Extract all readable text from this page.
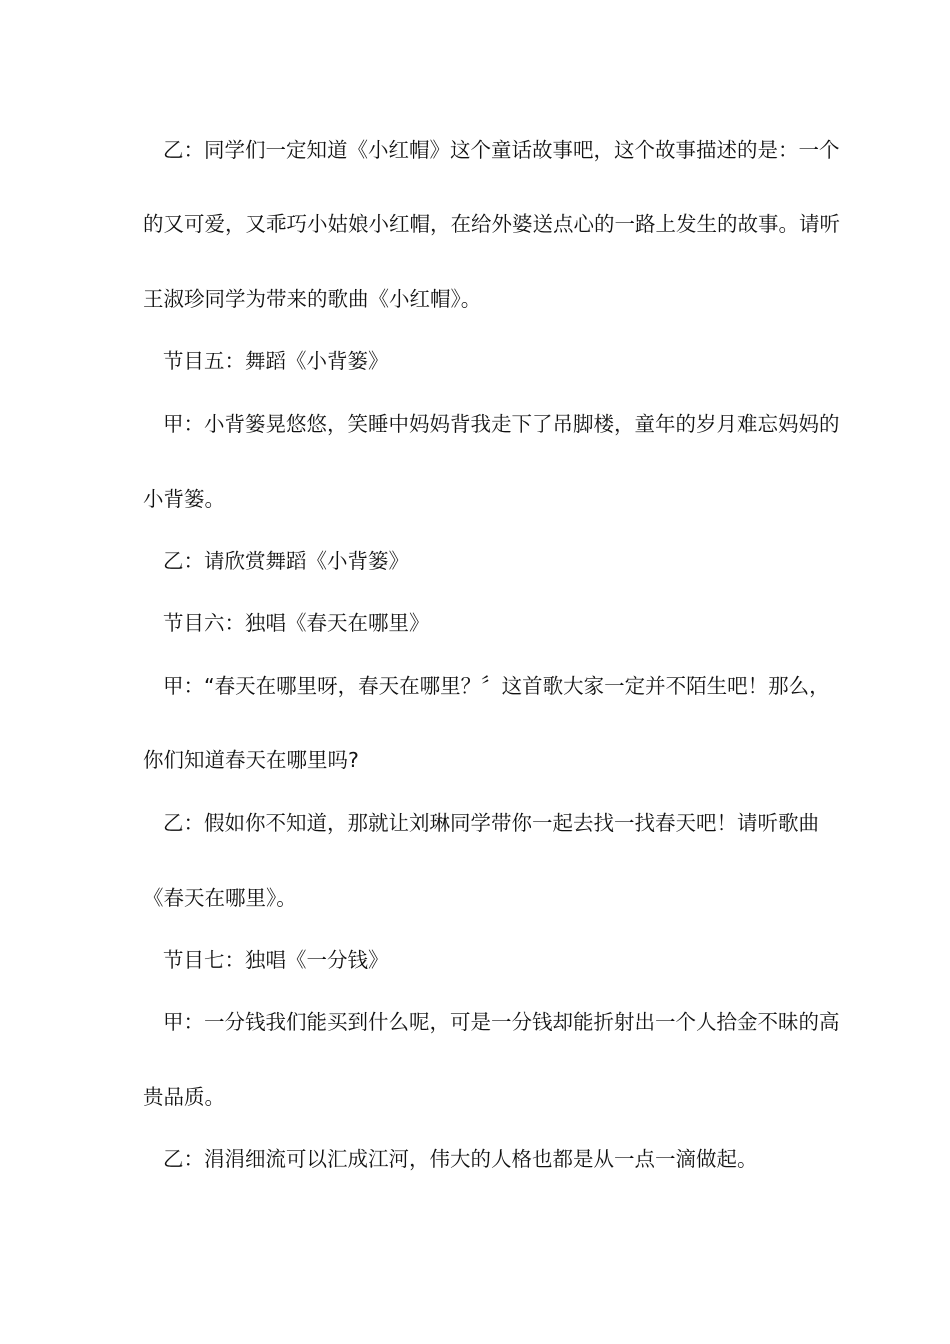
乙：同学们一定知道《小红帽》这个童话故事吧，这个故事描述的是：一个
的又可爱，又乖巧小姑娘小红帽，在给外婆送点心的一路上发生的故事。请听
王淑珍同学为带来的歌曲《小红帽》。
节目五：舞蹈《小背篓》
甲：小背篓晃悠悠，笑睡中妈妈背我走下了吊脚楼，童年的岁月难忘妈妈的
小背篓。
乙：请欣赏舞蹈《小背篓》
节目六：独唱《春天在哪里》
甲：“春天在哪里呀，春天在哪里？〞这首歌大家一定并不陌生吧！那么，
你们知道春天在哪里吗?
乙：假如你不知道，那就让刘琳同学带你一起去找一找春天吧！请听歌曲
《春天在哪里》。
节目七：独唱《一分钱》
甲：一分钱我们能买到什么呢，可是一分钱却能折射出一个人拾金不昧的高
贵品质。
乙：涓涓细流可以汇成江河，伟大的人格也都是从一点一滴做起。
